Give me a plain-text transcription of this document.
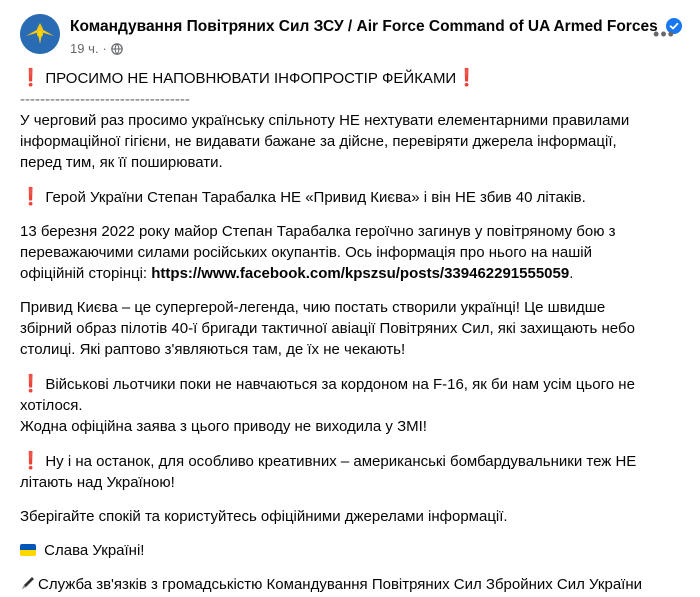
Командування Повітряних Сил ЗСУ / Air Force Command of UA Armed Forces
19 ч. ·
•••

❗ ПРОСИМО НЕ НАПОВНЮВАТИ ІНФОПРОСТІР ФЕЙКАМИ❗

----------------------------------

У черговий раз просимо українську спільноту НЕ нехтувати елементарними правилами інформаційної гігієни, не видавати бажане за дійсне, перевіряти джерела інформації, перед тим, як її поширювати.

❗ Герой України Степан Тарабалка НЕ «Привид Києва» і він НЕ збив 40 літаків.

13 березня 2022 року майор Степан Тарабалка героїчно загинув у повітряному бою з переважаючими силами російських окупантів. Ось інформація про нього на нашій офіційній сторінці: https://www.facebook.com/kpszsu/posts/339462291555059.

Привид Києва – це супергерой-легенда, чию постать створили українці! Це швидше збірний образ пілотів 40-ї бригади тактичної авіації Повітряних Сил, які захищають небо столиці. Які раптово з'являються там, де їх не чекають!

❗ Військові льотчики поки не навчаються за кордоном на F-16, як би нам усім цього не хотілося.

Жодна офіційна заява з цього приводу не виходила у ЗМІ!

❗ Ну і на останок, для особливо креативних – американські бомбардувальники теж НЕ літають над Україною!

Зберігайте спокій та користуйтесь офіційними джерелами інформації.

Слава Україні!

Служба зв'язків з громадськістю Командування Повітряних Сил Збройних Сил України
